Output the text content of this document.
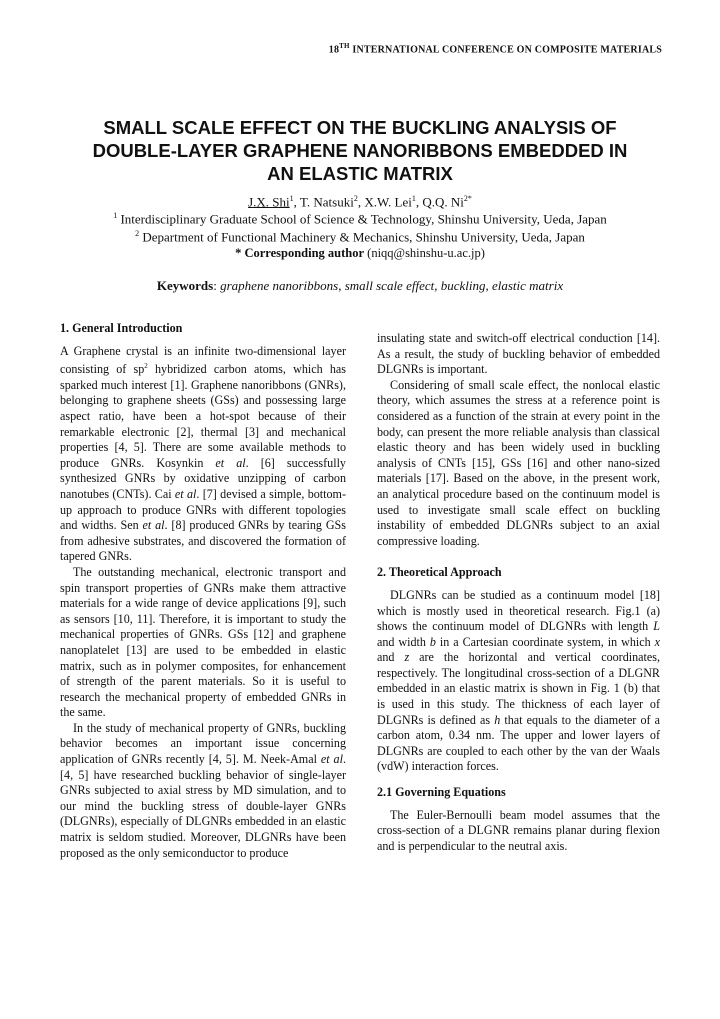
18TH INTERNATIONAL CONFERENCE ON COMPOSITE MATERIALS
SMALL SCALE EFFECT ON THE BUCKLING ANALYSIS OF
DOUBLE-LAYER GRAPHENE NANORIBBONS EMBEDDED IN
AN ELASTIC MATRIX
J.X. Shi$^1$, T. Natsuki$^2$, X.W. Lei$^1$, Q.Q. $Ni^{2*}$
$^1$ Interdisciplinary Graduate School of Science & Technology, Shinshu University, Ueda, Japan
$^2$ Department of Functional Machinery & Mechanics, Shinshu University, Ueda, Japan
* Corresponding author (niqq@shinshu-u.ac.jp)
Keywords: graphene nanoribbons, small scale effect, buckling, elastic matrix
1. General Introduction

A Graphene crystal is an infinite two-dimensional layer consisting of $sp^2$ hybridized carbon atoms, which has sparked much interest [1]. Graphene nanoribbons (GNRs), belonging to graphene sheets (GSs) and possessing large aspect ratio, have been a hot-spot because of their remarkable electronic [2], thermal [3] and mechanical properties [4, 5]. There are some available methods to produce GNRs. Kosynkin et al. [6] successfully synthesized GNRs by oxidative unzipping of carbon nanotubes (CNTs). Cai et al. [7] devised a simple, bottom-up approach to produce GNRs with different topologies and widths. Sen et al. [8] produced GNRs by tearing GSs from adhesive substrates, and discovered the formation of tapered GNRs.

The outstanding mechanical, electronic transport and spin transport properties of GNRs make them attractive materials for a wide range of device applications [9], such as sensors [10, 11]. Therefore, it is important to study the mechanical properties of GNRs. GSs [12] and graphene nanoplatelet [13] are used to be embedded in elastic matrix, such as in polymer composites, for enhancement of strength of the parent materials. So it is useful to research the mechanical property of embedded GNRs in the same.

In the study of mechanical property of GNRs, buckling behavior becomes an important issue concerning application of GNRs recently [4, 5]. M. Neek-Amal et al. [4, 5] have researched buckling behavior of single-layer GNRs subjected to axial stress by MD simulation, and to our mind the buckling stress of double-layer GNRs (DLGNRs), especially of DLGNRs embedded in an elastic matrix is seldom studied. Moreover, DLGNRs have been proposed as the only semiconductor to produce

insulating state and switch-off electrical conduction [14]. As a result, the study of buckling behavior of embedded DLGNRs is important.

Considering of small scale effect, the nonlocal elastic theory, which assumes the stress at a reference point is considered as a function of the strain at every point in the body, can present the more reliable analysis than classical elastic theory and has been widely used in buckling analysis of CNTs [15], GSs [16] and other nano-sized materials [17]. Based on the above, in the present work, an analytical procedure based on the continuum model is used to investigate small scale effect on buckling instability of embedded DLGNRs subject to an axial compressive loading.

2. Theoretical Approach

DLGNRs can be studied as a continuum model [18] which is mostly used in theoretical research. Fig.1 (a) shows the continuum model of DLGNRs with length L and width b in a Cartesian coordinate system, in which x and z are the horizontal and vertical coordinates, respectively. The longitudinal cross-section of a DLGNR embedded in an elastic matrix is shown in Fig. 1 (b) that is used in this study. The thickness of each layer of DLGNRs is defined as h that equals to the diameter of a carbon atom, 0.34 nm. The upper and lower layers of DLGNRs are coupled to each other by the van der Waals (vdW) interaction forces.

2.1 Governing Equations

The Euler-Bernoulli beam model assumes that the cross-section of a DLGNR remains planar during flexion and is perpendicular to the neutral axis.
